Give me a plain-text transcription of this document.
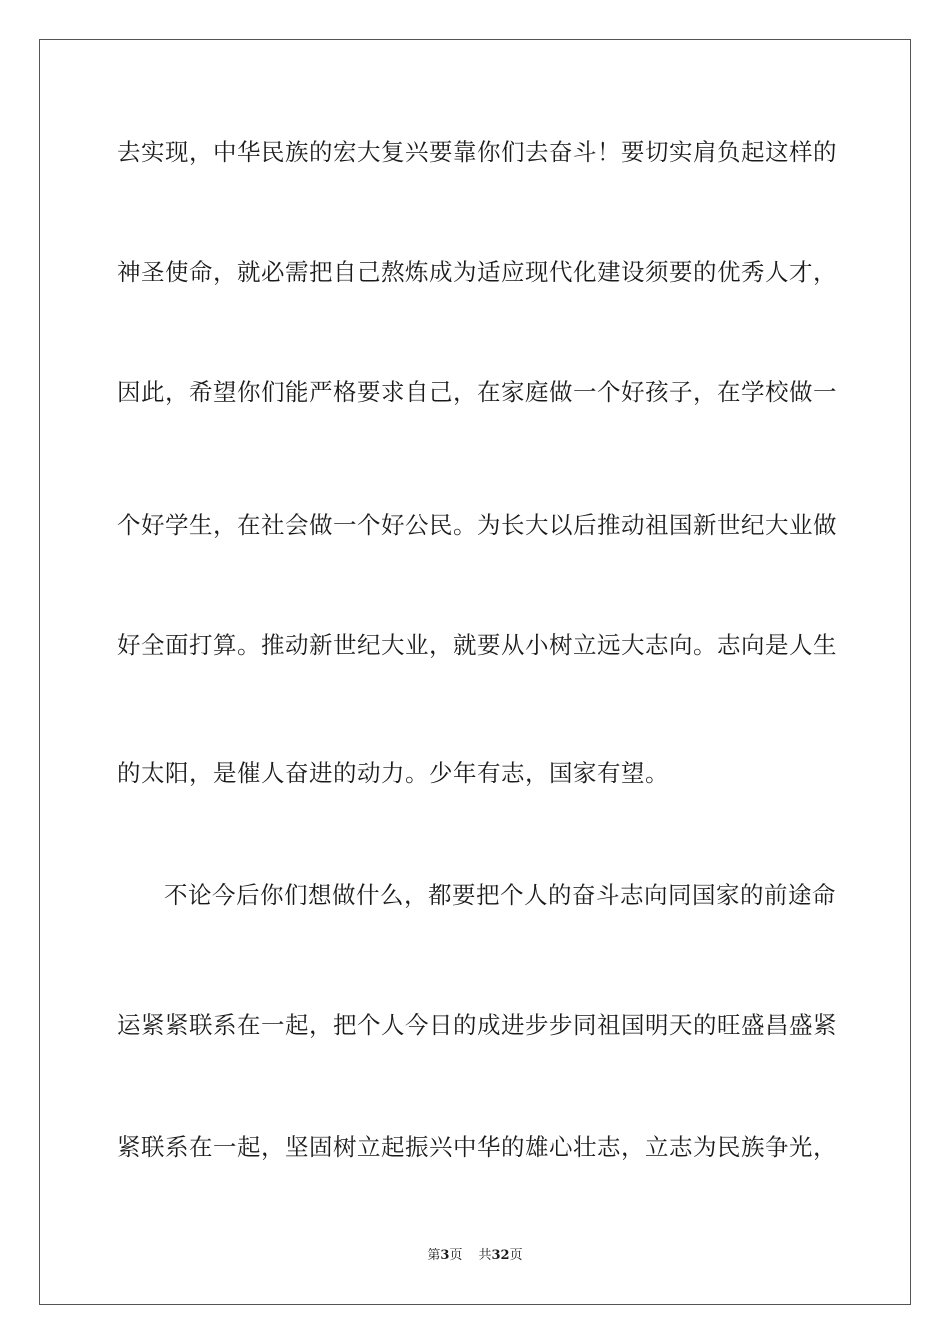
去实现，中华民族的宏大复兴要靠你们去奋斗！要切实肩负起这样的
神圣使命，就必需把自己熬炼成为适应现代化建设须要的优秀人才，
因此，希望你们能严格要求自己，在家庭做一个好孩子，在学校做一
个好学生，在社会做一个好公民。为长大以后推动祖国新世纪大业做
好全面打算。推动新世纪大业，就要从小树立远大志向。志向是人生
的太阳，是催人奋进的动力。少年有志，国家有望。
不论今后你们想做什么，都要把个人的奋斗志向同国家的前途命
运紧紧联系在一起，把个人今日的成进步步同祖国明天的旺盛昌盛紧
紧联系在一起，坚固树立起振兴中华的雄心壮志，立志为民族争光，
第3页 共32页
